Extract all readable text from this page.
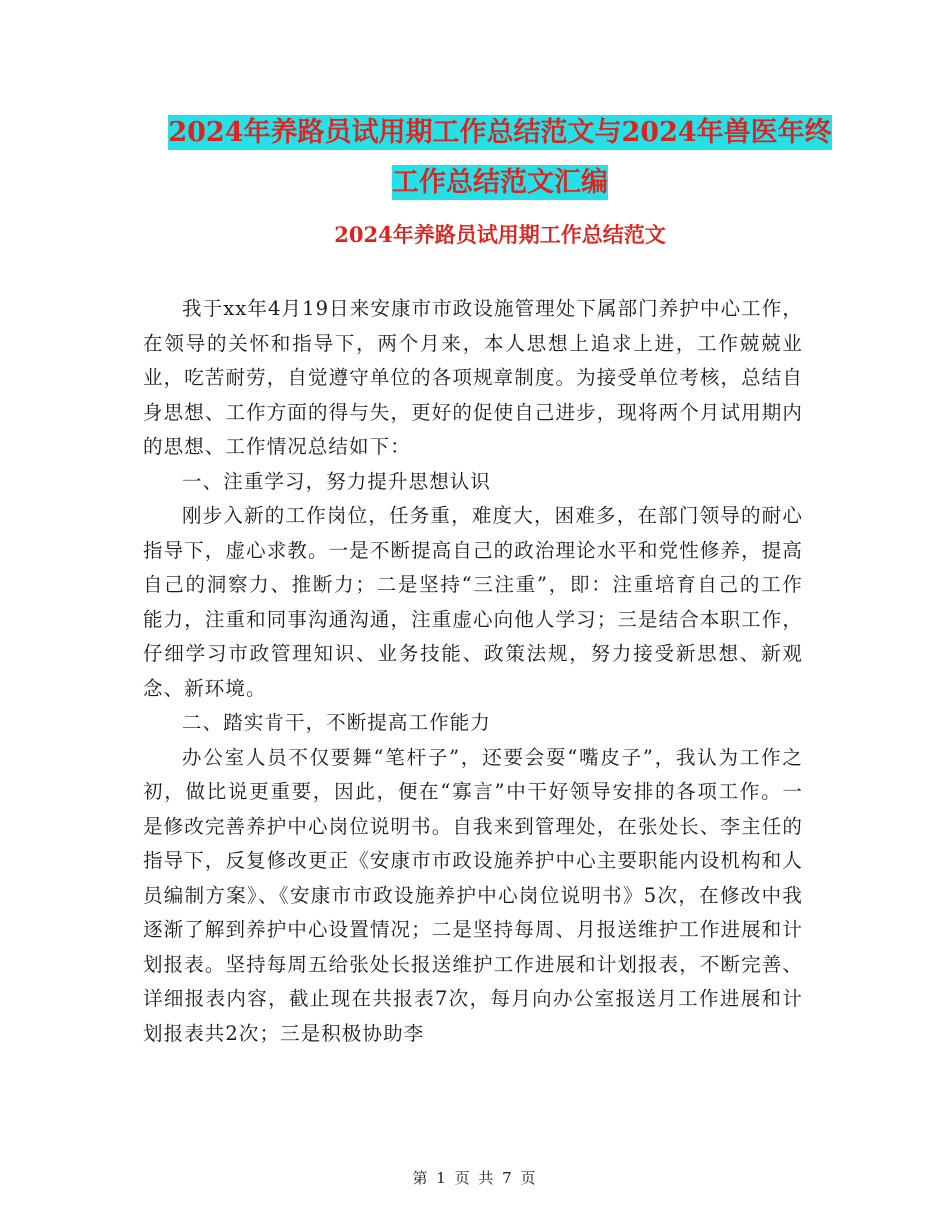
2024年养路员试用期工作总结范文与2024年兽医年终
工作总结范文汇编
2024年养路员试用期工作总结范文

我于xx年4月19日来安康市市政设施管理处下属部门养护中心工作，在领导的关怀和指导下，两个月来，本人思想上追求上进，工作兢兢业业，吃苦耐劳，自觉遵守单位的各项规章制度。为接受单位考核，总结自身思想、工作方面的得与失，更好的促使自己进步，现将两个月试用期内的思想、工作情况总结如下：

一、注重学习，努力提升思想认识

刚步入新的工作岗位，任务重，难度大，困难多，在部门领导的耐心指导下，虚心求教。一是不断提高自己的政治理论水平和党性修养，提高自己的洞察力、推断力；二是坚持“三注重”，即：注重培育自己的工作能力，注重和同事沟通沟通，注重虚心向他人学习；三是结合本职工作，仔细学习市政管理知识、业务技能、政策法规，努力接受新思想、新观念、新环境。

二、踏实肯干，不断提高工作能力

办公室人员不仅要舞“笔杆子”，还要会耍“嘴皮子”，我认为工作之初，做比说更重要，因此，便在“寡言”中干好领导安排的各项工作。一是修改完善养护中心岗位说明书。自我来到管理处，在张处长、李主任的指导下，反复修改更正《安康市市政设施养护中心主要职能内设机构和人员编制方案》、《安康市市政设施养护中心岗位说明书》5次，在修改中我逐渐了解到养护中心设置情况；二是坚持每周、月报送维护工作进展和计划报表。坚持每周五给张处长报送维护工作进展和计划报表，不断完善、详细报表内容，截止现在共报表7次，每月向办公室报送月工作进展和计划报表共2次；三是积极协助李

第 1 页 共 7 页
